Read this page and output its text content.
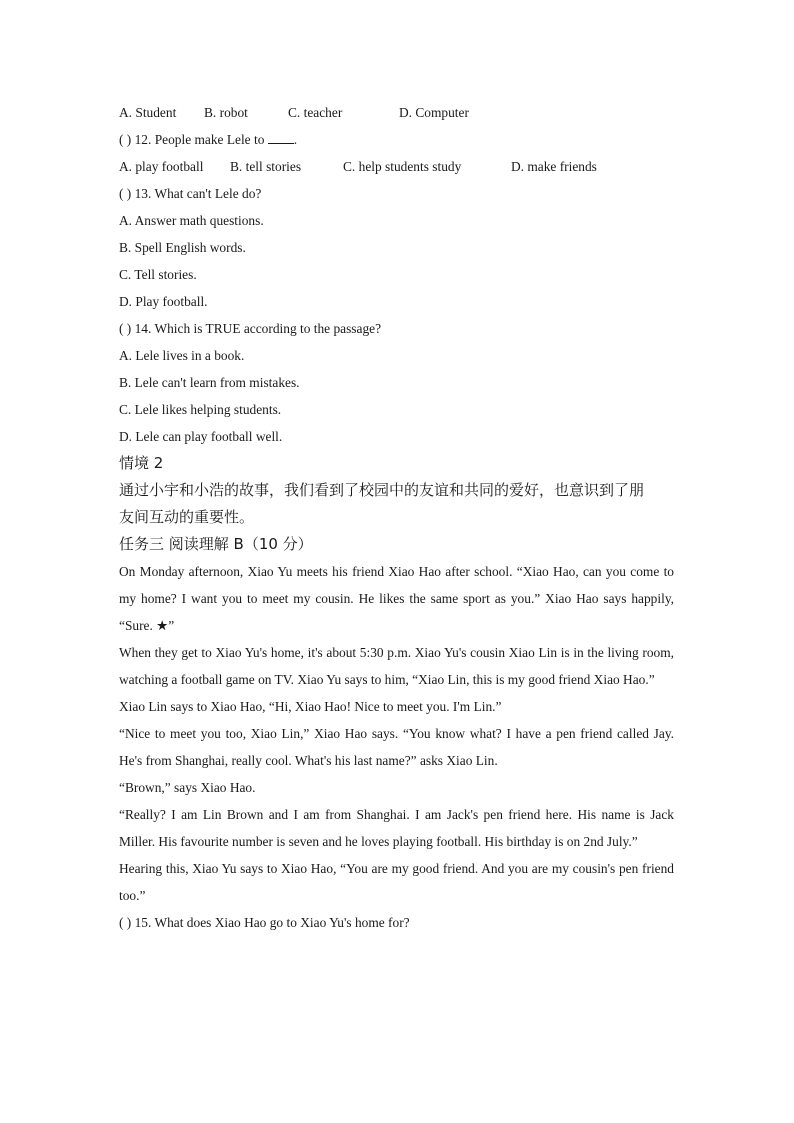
A. Student	B. robot	C. teacher	D. Computer
( ) 12. People make Lele to .
A. play football	B. tell stories	C. help students study	D. make friends
( ) 13. What can't Lele do?
A. Answer math questions.
B. Spell English words.
C. Tell stories.
D. Play football.
( ) 14. Which is TRUE according to the passage?
A. Lele lives in a book.
B. Lele can't learn from mistakes.
C. Lele likes helping students.
D. Lele can play football well.
情境 2
通过小宇和小浩的故事，我们看到了校园中的友谊和共同的爱好，也意识到了朋
友间互动的重要性。
任务三 阅读理解 B（10 分）
On Monday afternoon, Xiao Yu meets his friend Xiao Hao after school. “Xiao Hao, can you come to my home? I want you to meet my cousin. He likes the same sport as you.” Xiao Hao says happily, “Sure. ★”
When they get to Xiao Yu's home, it's about 5:30 p.m. Xiao Yu's cousin Xiao Lin is in the living room, watching a football game on TV. Xiao Yu says to him, “Xiao Lin, this is my good friend Xiao Hao.”
Xiao Lin says to Xiao Hao, “Hi, Xiao Hao! Nice to meet you. I'm Lin.”
“Nice to meet you too, Xiao Lin,” Xiao Hao says. “You know what? I have a pen friend called Jay. He's from Shanghai, really cool. What's his last name?” asks Xiao Lin.
“Brown,” says Xiao Hao.
“Really? I am Lin Brown and I am from Shanghai. I am Jack's pen friend here. His name is Jack Miller. His favourite number is seven and he loves playing football. His birthday is on 2nd July.”
Hearing this, Xiao Yu says to Xiao Hao, “You are my good friend. And you are my cousin's pen friend too.”
( ) 15. What does Xiao Hao go to Xiao Yu's home for?
